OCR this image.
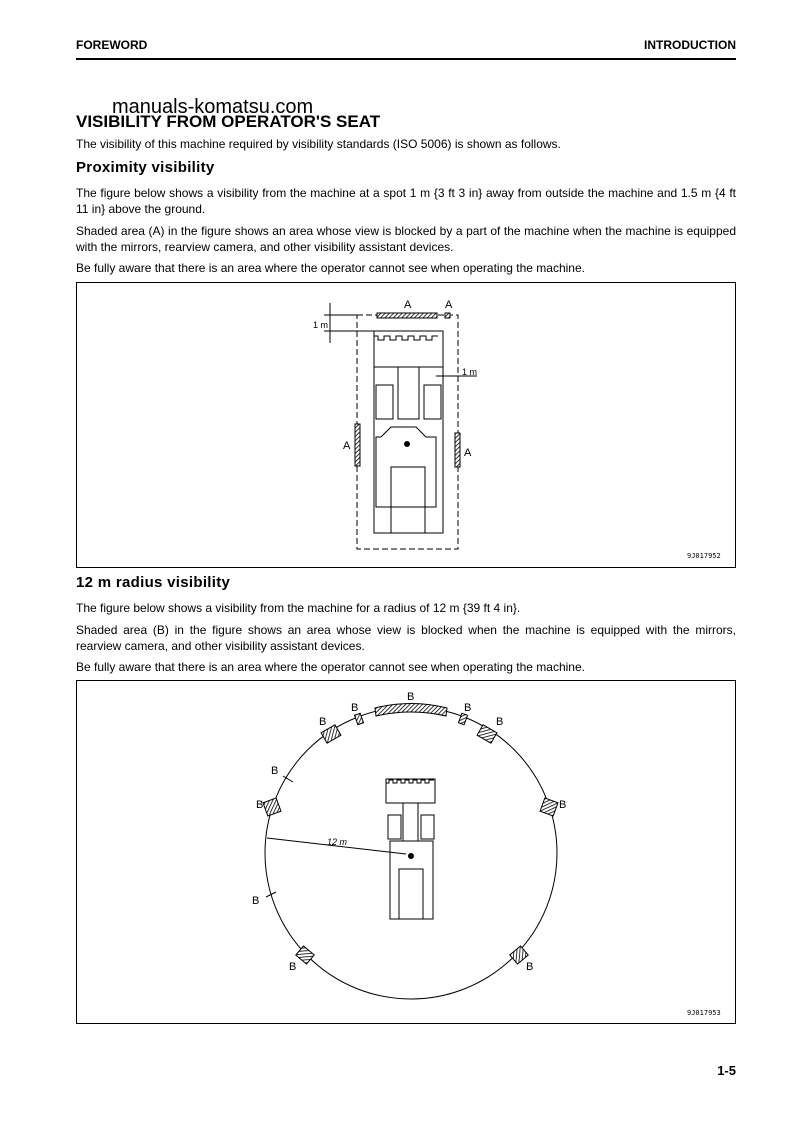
FOREWORD	INTRODUCTION
manuals-komatsu.com
VISIBILITY FROM OPERATOR'S SEAT
The visibility of this machine required by visibility standards (ISO 5006) is shown as follows.
Proximity visibility
The figure below shows a visibility from the machine at a spot 1 m {3 ft 3 in} away from outside the machine and 1.5 m {4 ft 11 in} above the ground.
Shaded area (A) in the figure shows an area whose view is blocked by a part of the machine when the machine is equipped with the mirrors, rearview camera, and other visibility assistant devices.
Be fully aware that there is an area where the operator cannot see when operating the machine.
A	A
A
A
1 m
1 m
9J017952
12 m radius visibility
The figure below shows a visibility from the machine for a radius of 12 m {39 ft 4 in}.
Shaded area (B) in the figure shows an area whose view is blocked when the machine is equipped with the mirrors, rearview camera, and other visibility assistant devices.
Be fully aware that there is an area where the operator cannot see when operating the machine.
B
B	B
B	B
B
B	B
B
B	B
12 m
9J017953
1-5
